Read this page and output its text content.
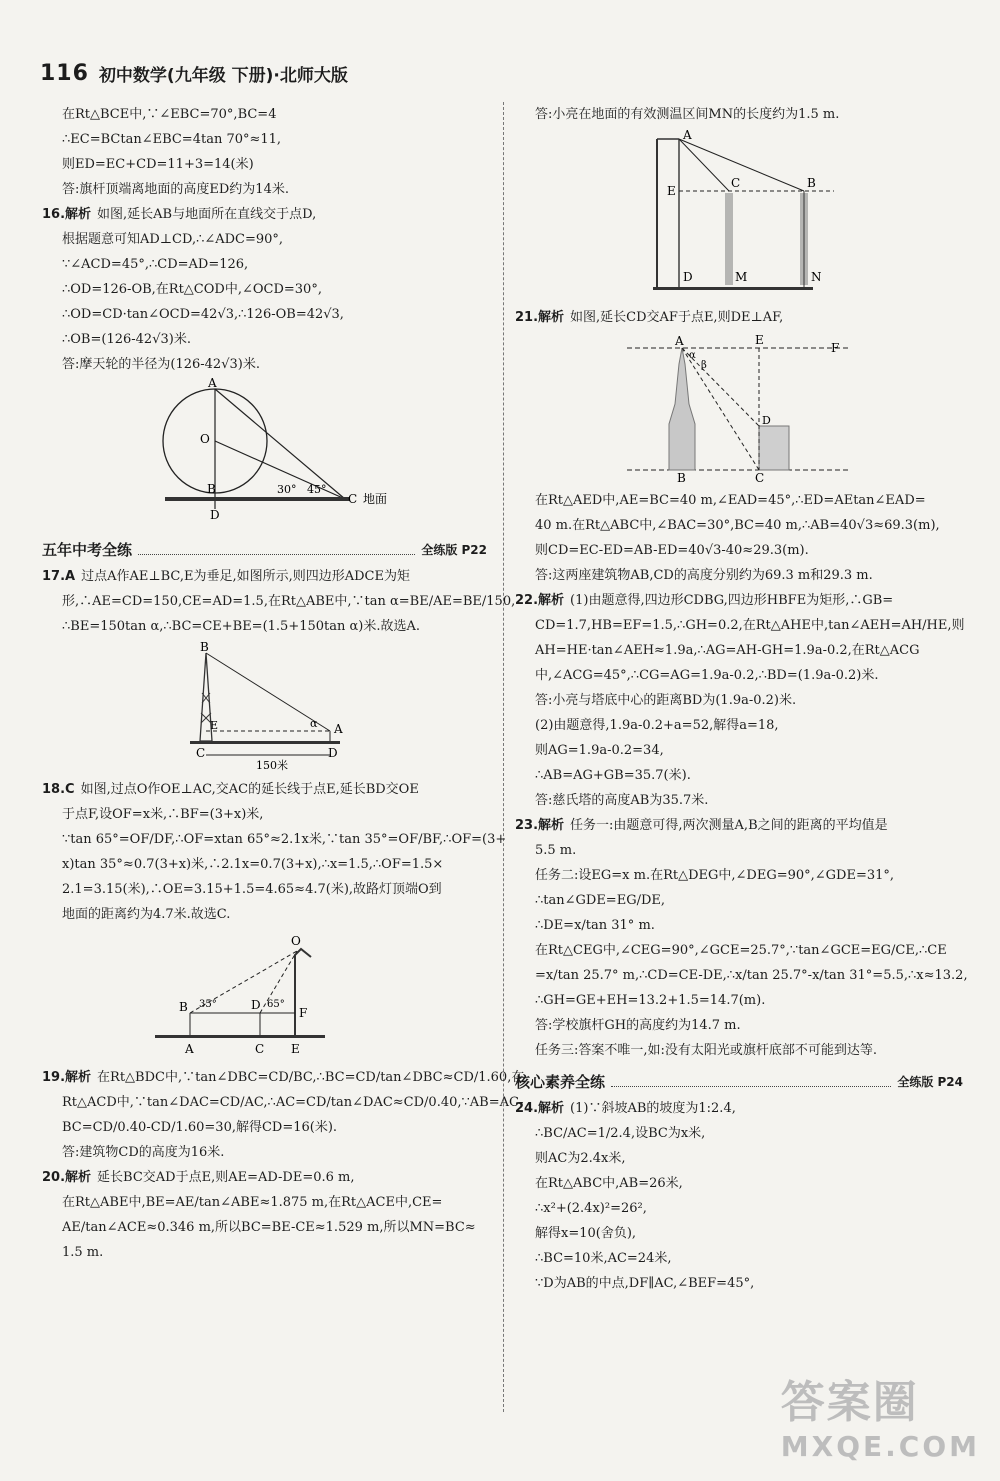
116 初中数学(九年级 下册)·北师大版
在Rt△BCE中,∵∠EBC=70°,BC=4
∴EC=BCtan∠EBC=4tan 70°≈11,
则ED=EC+CD=11+3=14(米)
答:旗杆顶端离地面的高度ED约为14米.
16.解析 如图,延长AB与地面所在直线交于点D,
根据题意可知AD⊥CD,∴∠ADC=90°,
∵∠ACD=45°,∴CD=AD=126,
∴OD=126-OB,在Rt△COD中,∠OCD=30°,
∴OD=CD·tan∠OCD=42√3,∴126-OB=42√3,
∴OB=(126-42√3)米.
答:摩天轮的半径为(126-42√3)米.
A
O
B
D
C
30° 45°
地面
五年中考全练	全练版 P22
17.A 过点A作AE⊥BC,E为垂足,如图所示,则四边形ADCE为矩
形,∴AE=CD=150,CE=AD=1.5,在Rt△ABE中,∵tan α=BE/AE=BE/150,
∴BE=150tan α,∴BC=CE+BE=(1.5+150tan α)米.故选A.
B
E
C
A
D
α
150米
18.C 如图,过点O作OE⊥AC,交AC的延长线于点E,延长BD交OE
于点F,设OF=x米,∴BF=(3+x)米,
∵tan 65°=OF/DF,∴OF=xtan 65°≈2.1x米,∵tan 35°=OF/BF,∴OF=(3+
x)tan 35°≈0.7(3+x)米,∴2.1x=0.7(3+x),∴x=1.5,∴OF=1.5×
2.1=3.15(米),∴OE=3.15+1.5=4.65≈4.7(米),故路灯顶端O到
地面的距离约为4.7米.故选C.
O
B 35°	D 65°
F
A	C E
19.解析 在Rt△BDC中,∵tan∠DBC=CD/BC,∴BC=CD/tan∠DBC≈CD/1.60,在
Rt△ACD中,∵tan∠DAC=CD/AC,∴AC=CD/tan∠DAC≈CD/0.40,∵AB=AC-
BC=CD/0.40-CD/1.60=30,解得CD=16(米).
答:建筑物CD的高度为16米.
20.解析 延长BC交AD于点E,则AE=AD-DE=0.6 m,
在Rt△ABE中,BE=AE/tan∠ABE≈1.875 m,在Rt△ACE中,CE=
AE/tan∠ACE≈0.346 m,所以BC=BE-CE≈1.529 m,所以MN=BC≈
1.5 m.
答:小亮在地面的有效测温区间MN的长度约为1.5 m.
A
E
C	B
D	M	N
21.解析 如图,延长CD交AF于点E,则DE⊥AF,
A
α
β
E
F
D
B	C
在Rt△AED中,AE=BC=40 m,∠EAD=45°,∴ED=AEtan∠EAD=
40 m.在Rt△ABC中,∠BAC=30°,BC=40 m,∴AB=40√3≈69.3(m),
则CD=EC-ED=AB-ED=40√3-40≈29.3(m).
答:这两座建筑物AB,CD的高度分别约为69.3 m和29.3 m.
22.解析 (1)由题意得,四边形CDBG,四边形HBFE为矩形,∴GB=
CD=1.7,HB=EF=1.5,∴GH=0.2,在Rt△AHE中,tan∠AEH=AH/HE,则
AH=HE·tan∠AEH≈1.9a,∴AG=AH-GH=1.9a-0.2,在Rt△ACG
中,∠ACG=45°,∴CG=AG=1.9a-0.2,∴BD=(1.9a-0.2)米.
答:小亮与塔底中心的距离BD为(1.9a-0.2)米.
(2)由题意得,1.9a-0.2+a=52,解得a=18,
则AG=1.9a-0.2=34,
∴AB=AG+GB=35.7(米).
答:慈氏塔的高度AB为35.7米.
23.解析 任务一:由题意可得,两次测量A,B之间的距离的平均值是
5.5 m.
任务二:设EG=x m.在Rt△DEG中,∠DEG=90°,∠GDE=31°,
∴tan∠GDE=EG/DE,
∴DE=x/tan 31° m.
在Rt△CEG中,∠CEG=90°,∠GCE=25.7°,∵tan∠GCE=EG/CE,∴CE
=x/tan 25.7° m,∴CD=CE-DE,∴x/tan 25.7°-x/tan 31°=5.5,∴x≈13.2,
∴GH=GE+EH=13.2+1.5=14.7(m).
答:学校旗杆GH的高度约为14.7 m.
任务三:答案不唯一,如:没有太阳光或旗杆底部不可能到达等.
核心素养全练	全练版 P24
24.解析 (1)∵斜坡AB的坡度为1:2.4,
∴BC/AC=1/2.4,设BC为x米,
则AC为2.4x米,
在Rt△ABC中,AB=26米,
∴x²+(2.4x)²=26²,
解得x=10(舍负),
∴BC=10米,AC=24米,
∵D为AB的中点,DF∥AC,∠BEF=45°,
答案圈
MXQE.COM
